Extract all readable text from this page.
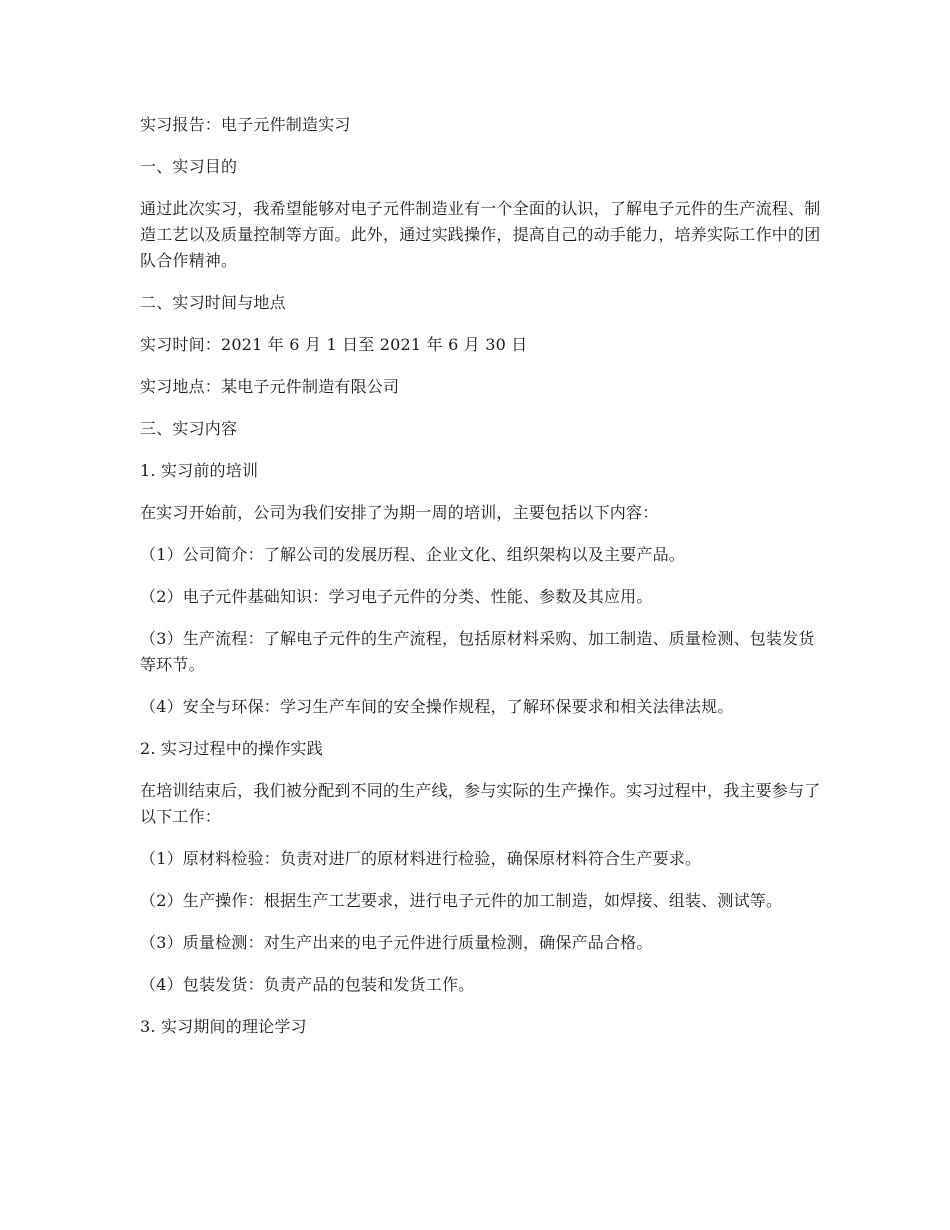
实习报告：电子元件制造实习

一、实习目的

通过此次实习，我希望能够对电子元件制造业有一个全面的认识，了解电子元件的生产流程、制造工艺以及质量控制等方面。此外，通过实践操作，提高自己的动手能力，培养实际工作中的团队合作精神。

二、实习时间与地点

实习时间：2021 年 6 月 1 日至 2021 年 6 月 30 日

实习地点：某电子元件制造有限公司

三、实习内容

1. 实习前的培训

在实习开始前，公司为我们安排了为期一周的培训，主要包括以下内容：

（1）公司简介：了解公司的发展历程、企业文化、组织架构以及主要产品。

（2）电子元件基础知识：学习电子元件的分类、性能、参数及其应用。

（3）生产流程：了解电子元件的生产流程，包括原材料采购、加工制造、质量检测、包装发货等环节。

（4）安全与环保：学习生产车间的安全操作规程，了解环保要求和相关法律法规。

2. 实习过程中的操作实践

在培训结束后，我们被分配到不同的生产线，参与实际的生产操作。实习过程中，我主要参与了以下工作：

（1）原材料检验：负责对进厂的原材料进行检验，确保原材料符合生产要求。

（2）生产操作：根据生产工艺要求，进行电子元件的加工制造，如焊接、组装、测试等。

（3）质量检测：对生产出来的电子元件进行质量检测，确保产品合格。

（4）包装发货：负责产品的包装和发货工作。

3. 实习期间的理论学习
